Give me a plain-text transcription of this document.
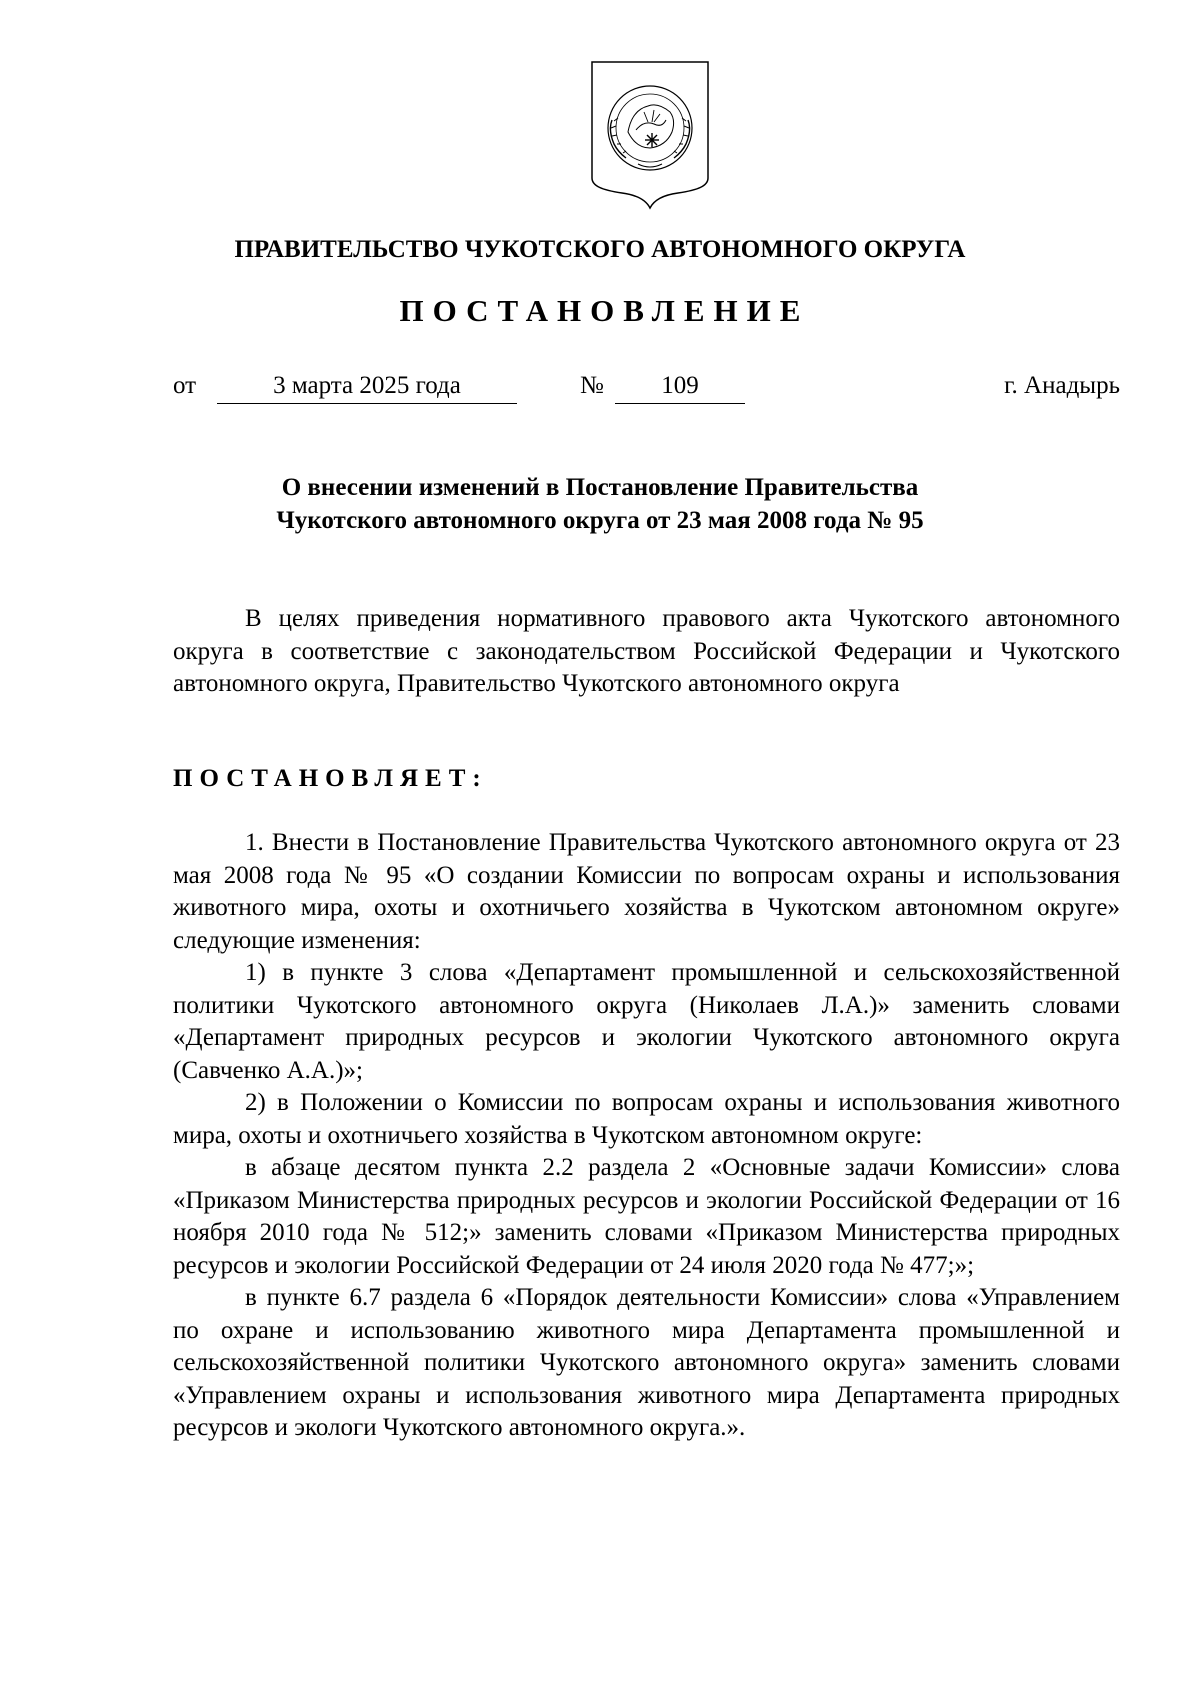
ПРАВИТЕЛЬСТВО ЧУКОТСКОГО АВТОНОМНОГО ОКРУГА
ПОСТАНОВЛЕНИЕ
от	3 марта 2025 года	№	109	г. Анадырь
О внесении изменений в Постановление Правительства
Чукотского автономного округа от 23 мая 2008 года № 95

В целях приведения нормативного правового акта Чукотского автономного округа в соответствие с законодательством Российской Федерации и Чукотского автономного округа, Правительство Чукотского автономного округа

ПОСТАНОВЛЯЕТ:

1. Внести в Постановление Правительства Чукотского автономного округа от 23 мая 2008 года № 95 «О создании Комиссии по вопросам охраны и использования животного мира, охоты и охотничьего хозяйства в Чукотском автономном округе» следующие изменения:

1) в пункте 3 слова «Департамент промышленной и сельскохозяйственной политики Чукотского автономного округа (Николаев Л.А.)» заменить словами «Департамент природных ресурсов и экологии Чукотского автономного округа (Савченко А.А.)»;

2) в Положении о Комиссии по вопросам охраны и использования животного мира, охоты и охотничьего хозяйства в Чукотском автономном округе:

в абзаце десятом пункта 2.2 раздела 2 «Основные задачи Комиссии» слова «Приказом Министерства природных ресурсов и экологии Российской Федерации от 16 ноября 2010 года № 512;» заменить словами «Приказом Министерства природных ресурсов и экологии Российской Федерации от 24 июля 2020 года № 477;»;

в пункте 6.7 раздела 6 «Порядок деятельности Комиссии» слова «Управлением по охране и использованию животного мира Департамента промышленной и сельскохозяйственной политики Чукотского автономного округа» заменить словами «Управлением охраны и использования животного мира Департамента природных ресурсов и экологи Чукотского автономного округа.».
